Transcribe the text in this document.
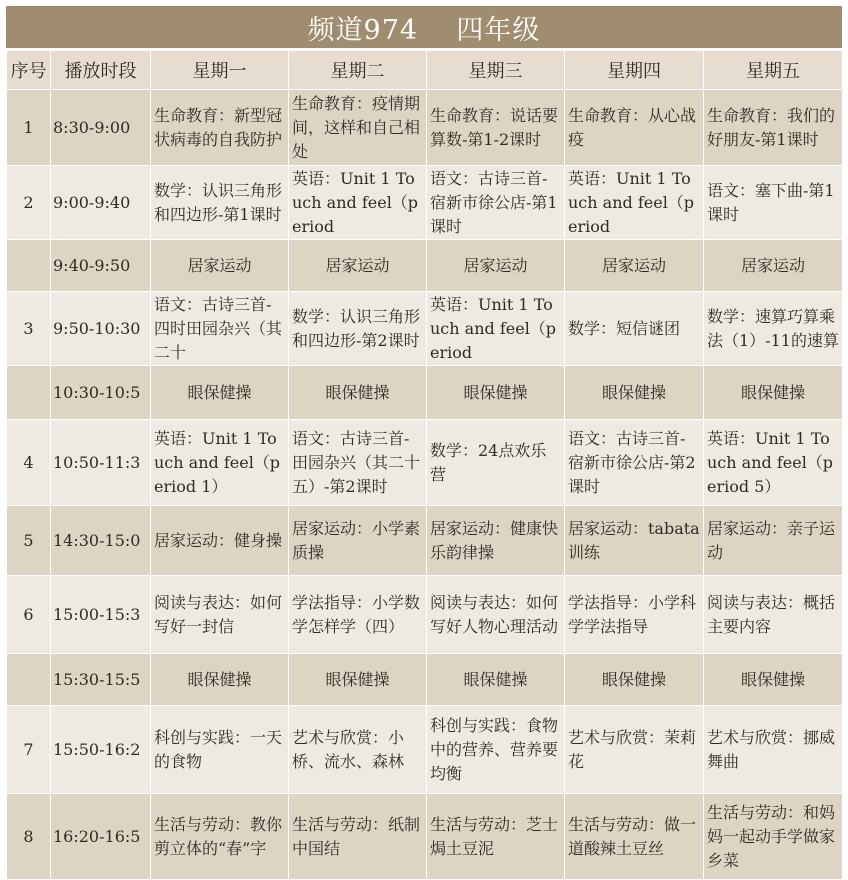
频道974    四年级
序号	播放时段	星期一	星期二	星期三	星期四	星期五
1	8:30-9:00	生命教育：新型冠状病毒的自我防护	生命教育：疫情期间，这样和自己相处	生命教育：说话要算数-第1-2课时	生命教育：从心战疫	生命教育：我们的好朋友-第1课时

2	9:00-9:40	数学：认识三角形和四边形-第1课时	英语：Unit 1 Touch and feel（period	语文：古诗三首-宿新市徐公店-第1课时	英语：Unit 1 Touch and feel（period	语文：塞下曲-第1课时

	9:40-9:50	居家运动	居家运动	居家运动	居家运动	居家运动

3	9:50-10:30	语文：古诗三首-四时田园杂兴（其二十	数学：认识三角形和四边形-第2课时	英语：Unit 1 Touch and feel（period	数学：短信谜团	数学：速算巧算乘法（1）-11的速算

	10:30-10:5	眼保健操	眼保健操	眼保健操	眼保健操	眼保健操

4	10:50-11:3	英语：Unit 1 Touch and feel（period 1）	语文：古诗三首-田园杂兴（其二十五）-第2课时	数学：24点欢乐营	语文：古诗三首-宿新市徐公店-第2课时	英语：Unit 1 Touch and feel（period 5）

5	14:30-15:0	居家运动：健身操	居家运动：小学素质操	居家运动：健康快乐韵律操	居家运动：tabata训练	居家运动：亲子运动

6	15:00-15:3	阅读与表达：如何写好一封信	学法指导：小学数学怎样学（四）	阅读与表达：如何写好人物心理活动	学法指导：小学科学学法指导	阅读与表达：概括主要内容

	15:30-15:5	眼保健操	眼保健操	眼保健操	眼保健操	眼保健操

7	15:50-16:2	科创与实践：一天的食物	艺术与欣赏：小桥、流水、森林	科创与实践：食物中的营养、营养要均衡	艺术与欣赏：茉莉花	艺术与欣赏：挪威舞曲

8	16:20-16:5	生活与劳动：教你剪立体的“春”字	生活与劳动：纸制中国结	生活与劳动：芝士焗土豆泥	生活与劳动：做一道酸辣土豆丝	生活与劳动：和妈妈一起动手学做家乡菜
